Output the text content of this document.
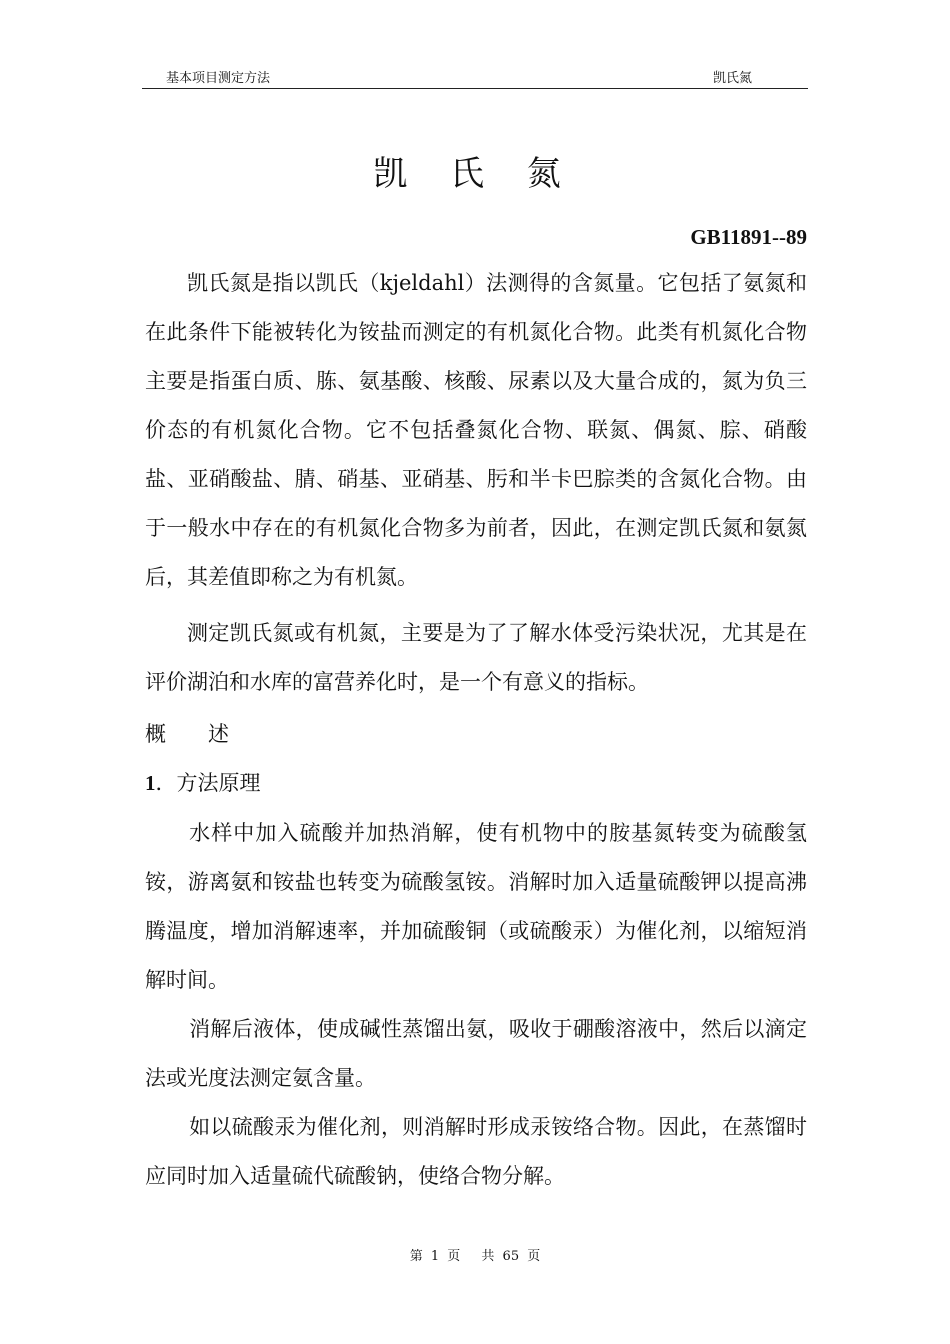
基本项目测定方法	凯氏氮
凯 氏 氮
GB11891--89

凯氏氮是指以凯氏（kjeldahl）法测得的含氮量。它包括了氨氮和在此条件下能被转化为铵盐而测定的有机氮化合物。此类有机氮化合物主要是指蛋白质、胨、氨基酸、核酸、尿素以及大量合成的，氮为负三价态的有机氮化合物。它不包括叠氮化合物、联氮、偶氮、腙、硝酸盐、亚硝酸盐、腈、硝基、亚硝基、肟和半卡巴腙类的含氮化合物。由于一般水中存在的有机氮化合物多为前者，因此，在测定凯氏氮和氨氮后，其差值即称之为有机氮。

测定凯氏氮或有机氮，主要是为了了解水体受污染状况，尤其是在评价湖泊和水库的富营养化时，是一个有意义的指标。

概 述
1．方法原理

水样中加入硫酸并加热消解，使有机物中的胺基氮转变为硫酸氢铵，游离氨和铵盐也转变为硫酸氢铵。消解时加入适量硫酸钾以提高沸腾温度，增加消解速率，并加硫酸铜（或硫酸汞）为催化剂，以缩短消解时间。

消解后液体，使成碱性蒸馏出氨，吸收于硼酸溶液中，然后以滴定法或光度法测定氨含量。

如以硫酸汞为催化剂，则消解时形成汞铵络合物。因此，在蒸馏时应同时加入适量硫代硫酸钠，使络合物分解。

第 1 页　 共 65 页
